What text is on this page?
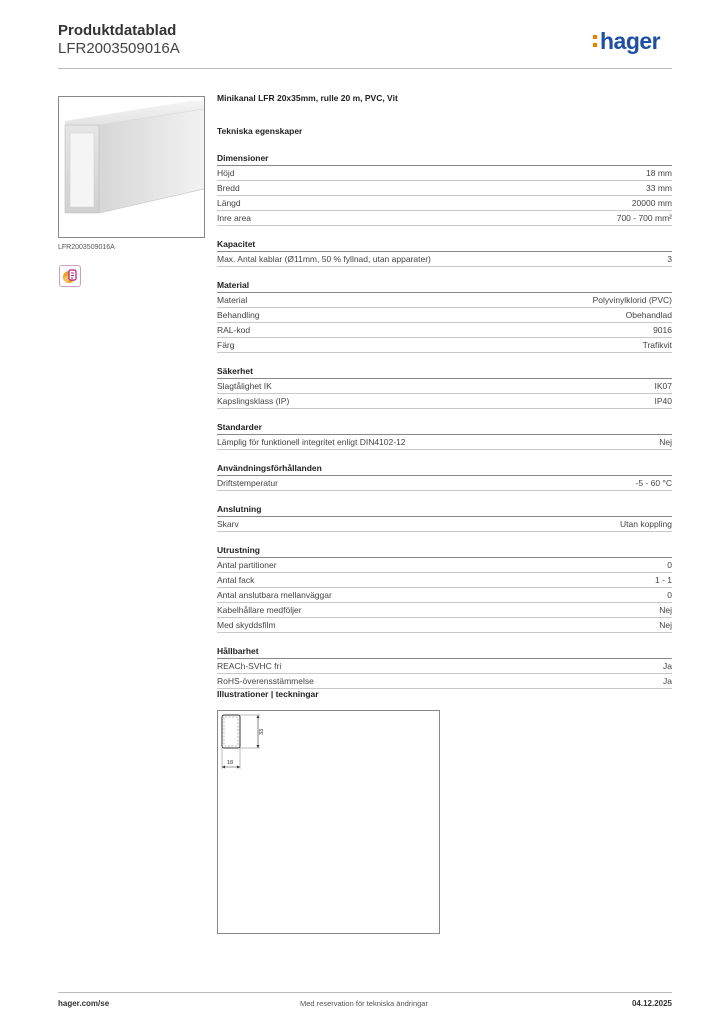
Produktdatablad
LFR2003509016A	hager
LFR2003509016A
Minikanal LFR 20x35mm, rulle 20 m, PVC, Vit
Tekniska egenskaper
Dimensioner
Höjd	18 mm
Bredd	33 mm
Längd	20000 mm
Inre area	700 - 700 mm²
Kapacitet
Max. Antal kablar (Ø11mm, 50 % fyllnad, utan apparater)	3
Material
Material	Polyvinylklorid (PVC)
Behandling	Obehandlad
RAL-kod	9016
Färg	Trafikvit
Säkerhet
Slagtålighet IK	IK07
Kapslingsklass (IP)	IP40
Standarder
Lämplig för funktionell integritet enligt DIN4102-12	Nej
Användningsförhållanden
Driftstemperatur	-5 - 60 °C
Anslutning
Skarv	Utan koppling
Utrustning
Antal partitioner	0
Antal fack	1 - 1
Antal anslutbara mellanväggar	0
Kabelhållare medföljer	Nej
Med skyddsfilm	Nej
Hållbarhet
REACh-SVHC fri	Ja
RoHS-överensstämmelse	Ja
Illustrationer | teckningar
33
18
hager.com/se	Med reservation för tekniska ändringar	04.12.2025
